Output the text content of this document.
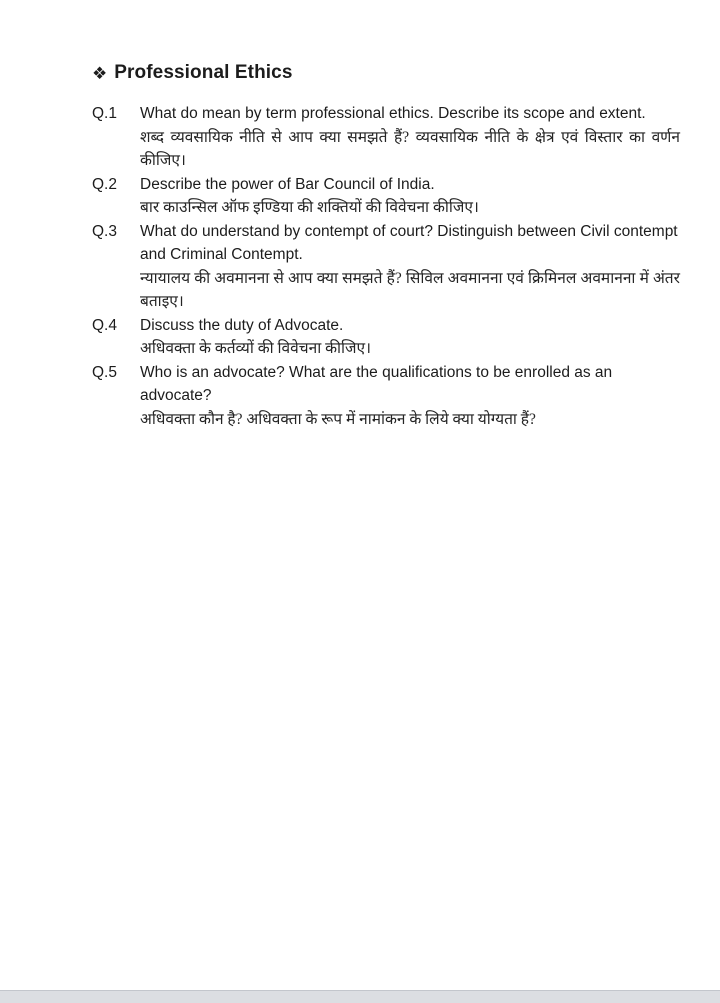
❖ Professional Ethics
Q.1	What do mean by term professional ethics. Describe its scope and extent.

शब्द व्यवसायिक नीति से आप क्या समझते हैं? व्यवसायिक नीति के क्षेत्र एवं विस्तार का वर्णन कीजिए।

Q.2	Describe the power of Bar Council of India.

बार काउन्सिल ऑफ इण्डिया की शक्तियों की विवेचना कीजिए।

Q.3	What do understand by contempt of court? Distinguish between Civil contempt and Criminal Contempt.

न्यायालय की अवमानना से आप क्या समझते हैं? सिविल अवमानना एवं क्रिमिनल अवमानना में अंतर बताइए।

Q.4	Discuss the duty of Advocate.

अधिवक्ता के कर्तव्यों की विवेचना कीजिए।

Q.5	Who is an advocate? What are the qualifications to be enrolled as an advocate?

अधिवक्ता कौन है? अधिवक्ता के रूप में नामांकन के लिये क्या योग्यता हैं?
